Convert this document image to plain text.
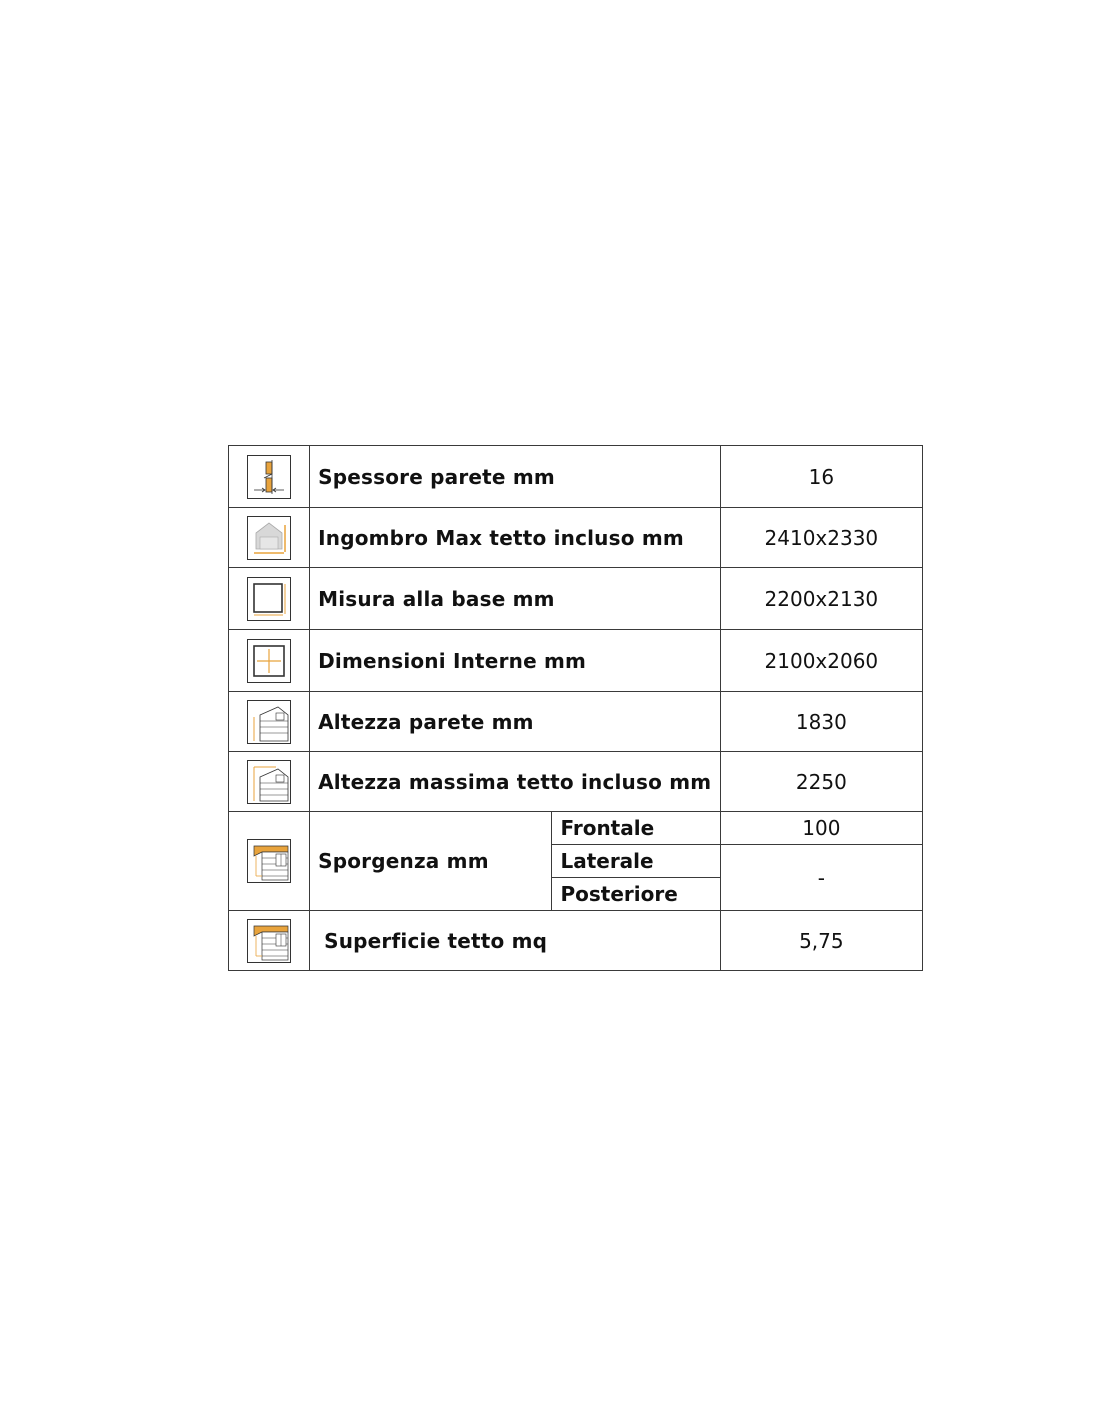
	Spessore parete mm		16

	Ingombro Max tetto incluso mm		2410x2330

	Misura alla base mm		2200x2130

	Dimensioni Interne mm		2100x2060

	Altezza parete mm		1830

	Altezza massima tetto incluso mm		2250

	Sporgenza mm	Frontale	100
		Laterale	-
		Posteriore	

	Superficie tetto mq		5,75
